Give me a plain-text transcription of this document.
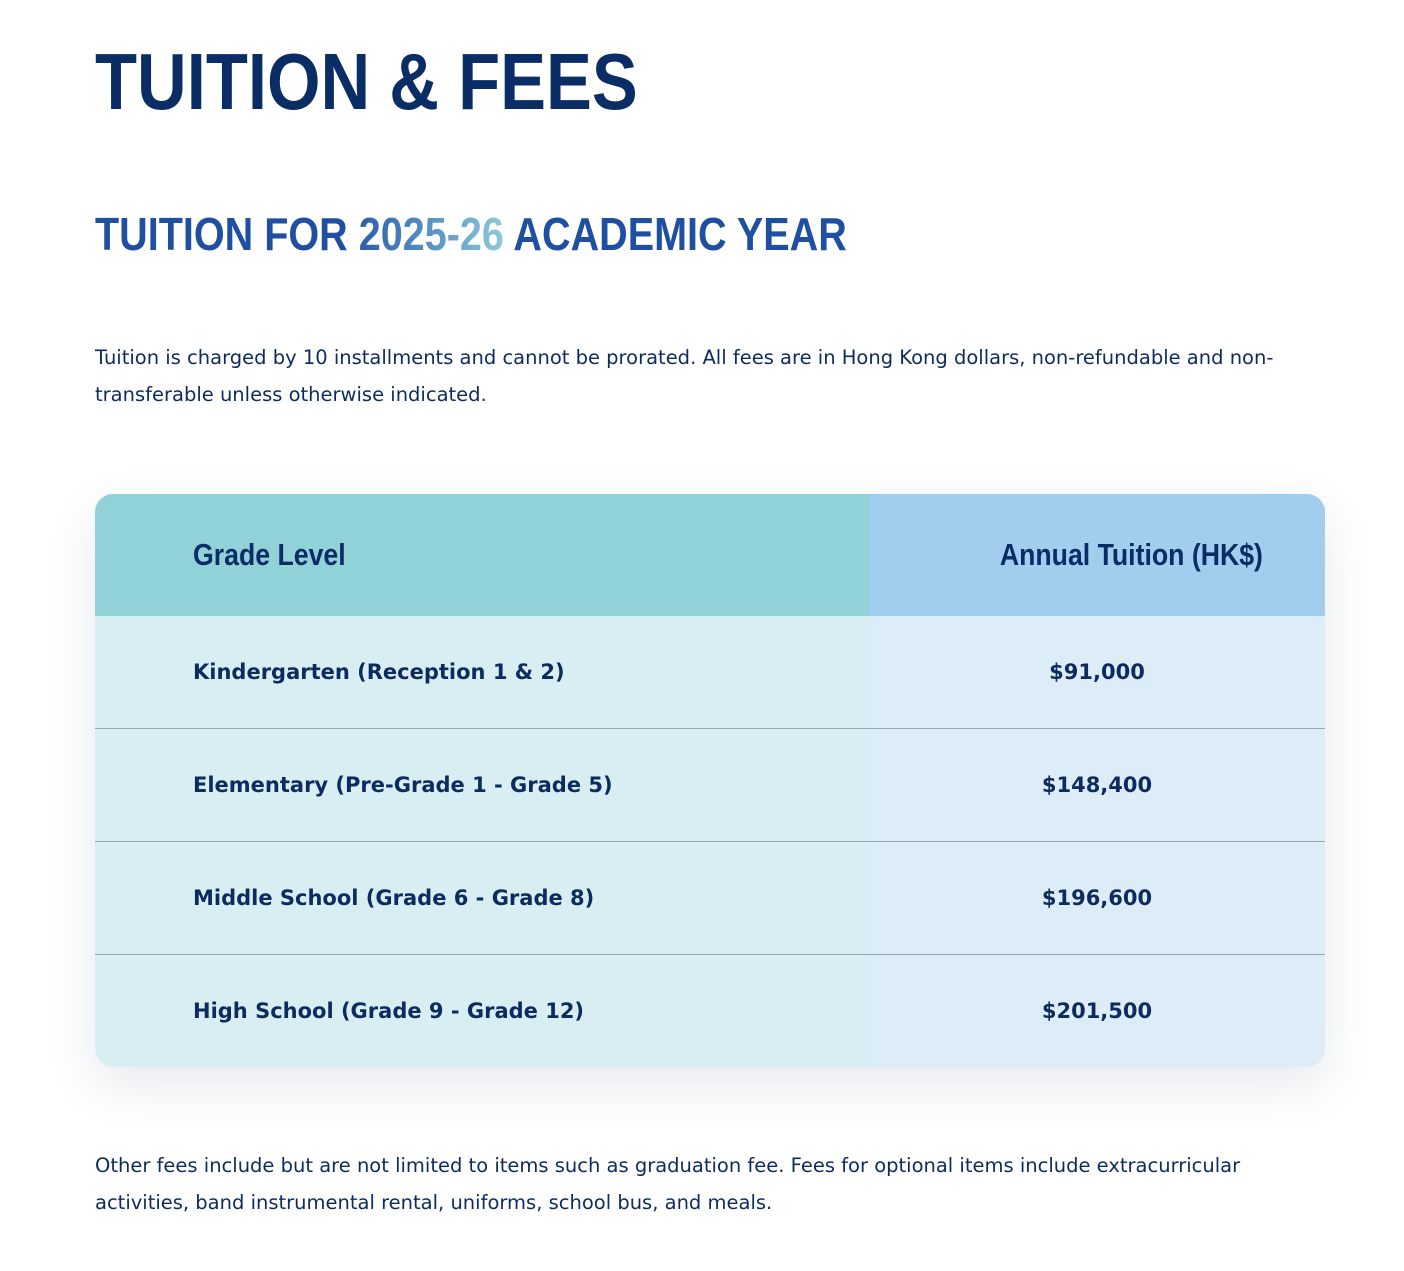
TUITION & FEES
TUITION FOR 2025-26 ACADEMIC YEAR

Tuition is charged by 10 installments and cannot be prorated. All fees are in Hong Kong dollars, non-refundable and non-transferable unless otherwise indicated.

Grade Level	Annual Tuition (HK$)
Kindergarten (Reception 1 & 2)	$91,000
Elementary (Pre-Grade 1 - Grade 5)	$148,400
Middle School (Grade 6 - Grade 8)	$196,600
High School (Grade 9 - Grade 12)	$201,500

Other fees include but are not limited to items such as graduation fee. Fees for optional items include extracurricular activities, band instrumental rental, uniforms, school bus, and meals.
